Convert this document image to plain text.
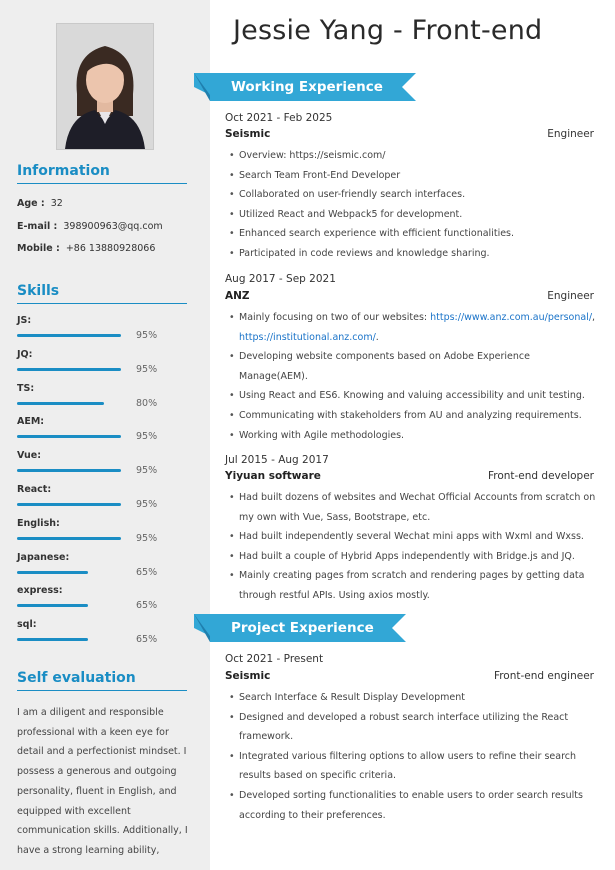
Information
Age : 32
E-mail : 398900963@qq.com
Mobile : +86 13880928066
Skills
JS:
95%
JQ:
95%
TS:
80%
AEM:
95%
Vue:
95%
React:
95%
English:
95%
Japanese:
65%
express:
65%
sql:
65%
Self evaluation
I am a diligent and responsible professional with a keen eye for detail and a perfectionist mindset. I possess a generous and outgoing personality, fluent in English, and equipped with excellent communication skills. Additionally, I have a strong learning ability,
Jessie Yang - Front-end
Working Experience
Oct 2021 - Feb 2025
Seismic	Engineer
• Overview: https://seismic.com/
• Search Team Front-End Developer
• Collaborated on user-friendly search interfaces.
• Utilized React and Webpack5 for development.
• Enhanced search experience with efficient functionalities.
• Participated in code reviews and knowledge sharing.
Aug 2017 - Sep 2021
ANZ	Engineer
• Mainly focusing on two of our websites: https://www.anz.com.au/personal/, https://institutional.anz.com/.
• Developing website components based on Adobe Experience Manage(AEM).
• Using React and ES6. Knowing and valuing accessibility and unit testing.
• Communicating with stakeholders from AU and analyzing requirements.
• Working with Agile methodologies.
Jul 2015 - Aug 2017
Yiyuan software	Front-end developer
• Had built dozens of websites and Wechat Official Accounts from scratch on my own with Vue, Sass, Bootstrape, etc.
• Had built independently several Wechat mini apps with Wxml and Wxss.
• Had built a couple of Hybrid Apps independently with Bridge.js and JQ.
• Mainly creating pages from scratch and rendering pages by getting data through restful APIs. Using axios mostly.
Project Experience
Oct 2021 - Present
Seismic	Front-end engineer
• Search Interface & Result Display Development
• Designed and developed a robust search interface utilizing the React framework.
• Integrated various filtering options to allow users to refine their search results based on specific criteria.
• Developed sorting functionalities to enable users to order search results according to their preferences.
